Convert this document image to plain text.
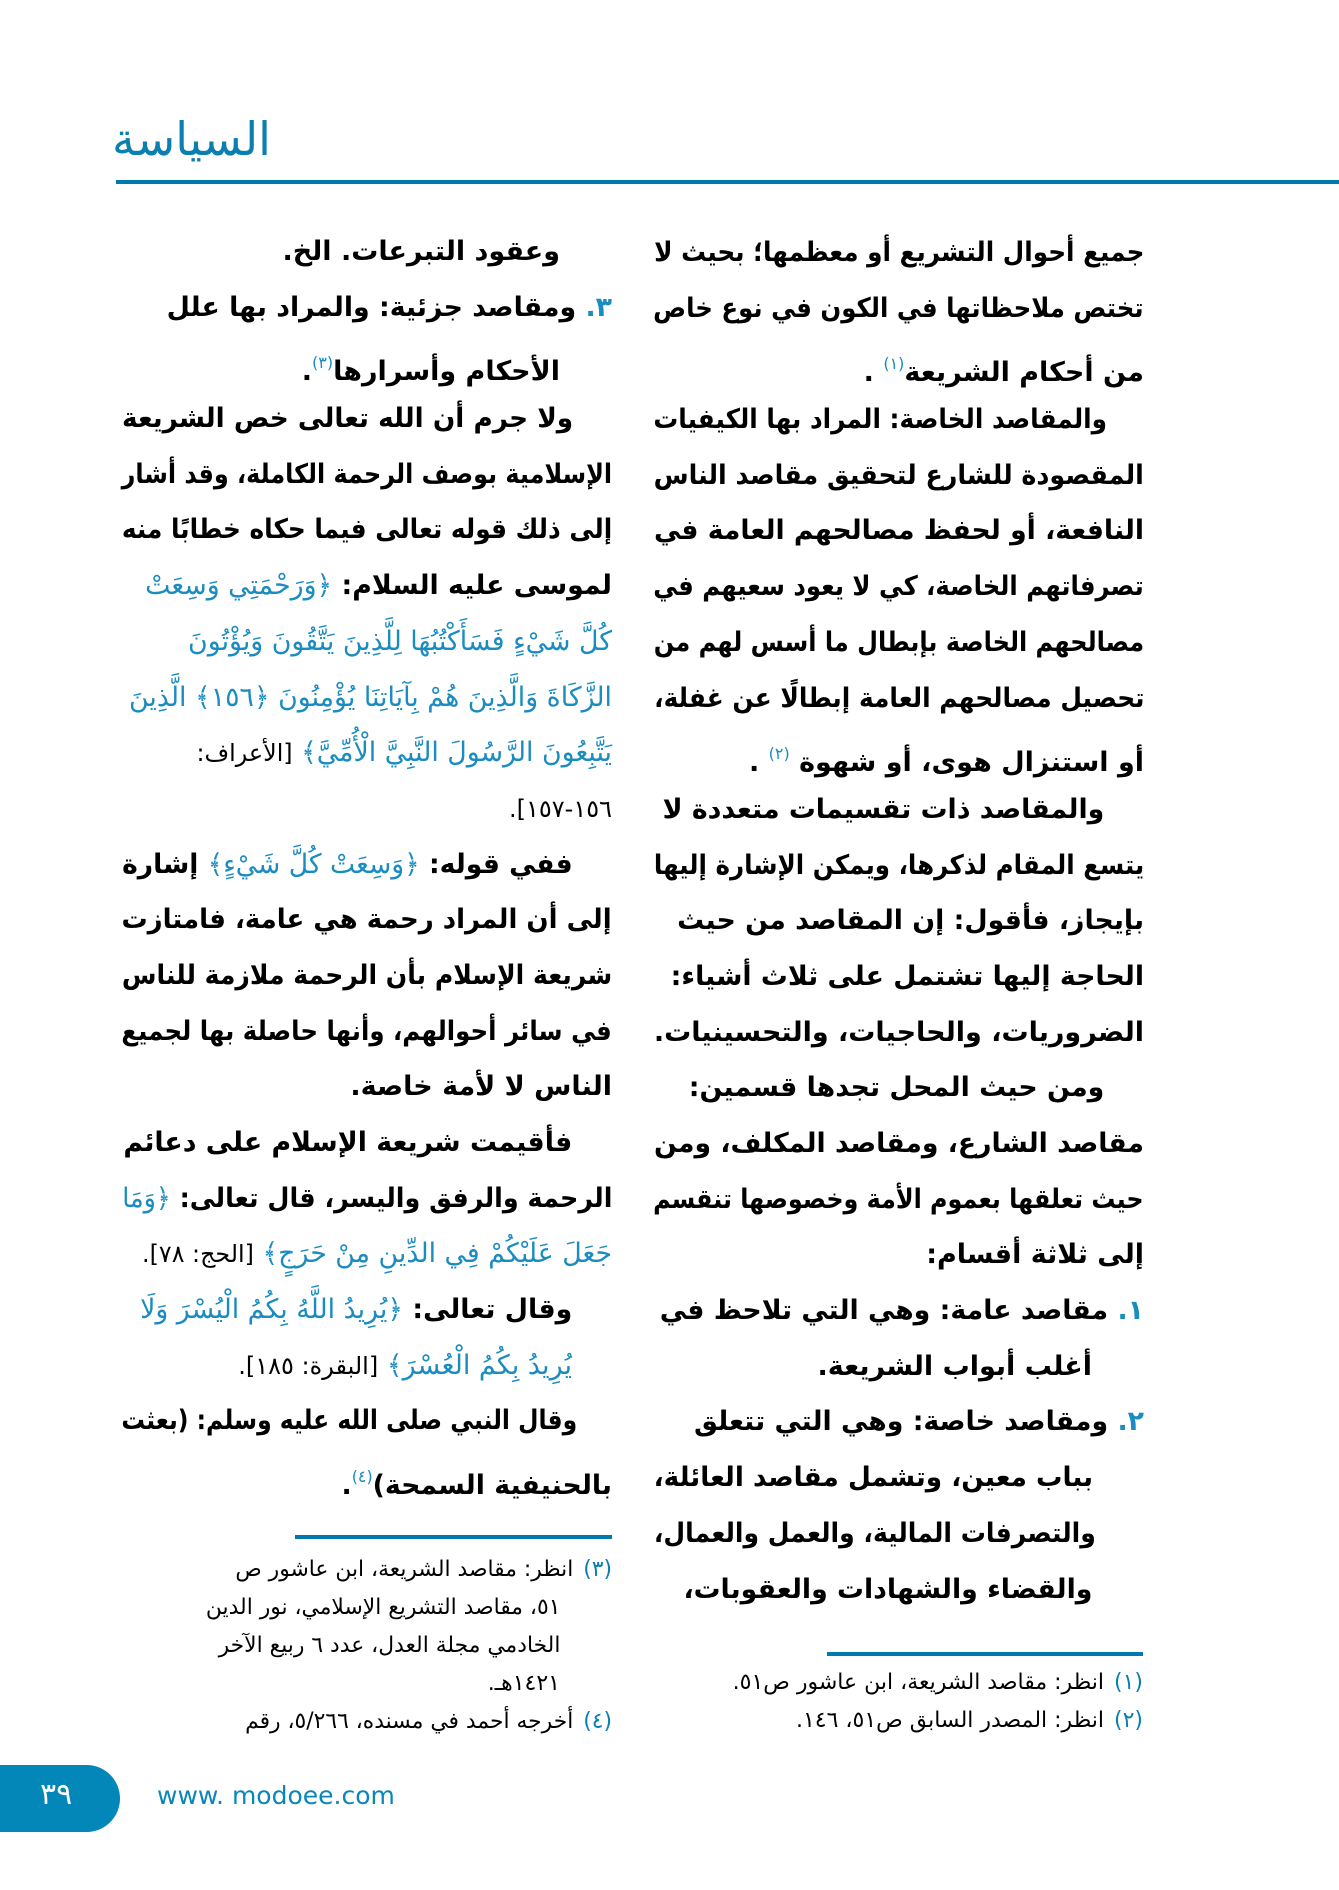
السياسة
جميع أحوال التشريع أو معظمها؛ بحيث لا
تختص ملاحظاتها في الكون في نوع خاص
من أحكام الشريعة$^{(١)}$ .
والمقاصد الخاصة: المراد بها الكيفيات
المقصودة للشارع لتحقيق مقاصد الناس
النافعة، أو لحفظ مصالحهم العامة في
تصرفاتهم الخاصة، كي لا يعود سعيهم في
مصالحهم الخاصة بإبطال ما أسس لهم من
تحصيل مصالحهم العامة إبطالًا عن غفلة،
أو استنزال هوى، أو شهوة $^{(٢)}$ .
والمقاصد ذات تقسيمات متعددة لا
يتسع المقام لذكرها، ويمكن الإشارة إليها
بإيجاز، فأقول: إن المقاصد من حيث
الحاجة إليها تشتمل على ثلاث أشياء:
الضروريات، والحاجيات، والتحسينيات.
ومن حيث المحل تجدها قسمين:
مقاصد الشارع، ومقاصد المكلف، ومن
حيث تعلقها بعموم الأمة وخصوصها تنقسم
إلى ثلاثة أقسام:
١. مقاصد عامة: وهي التي تلاحظ في
أغلب أبواب الشريعة.
٢. ومقاصد خاصة: وهي التي تتعلق
بباب معين، وتشمل مقاصد العائلة،
والتصرفات المالية، والعمل والعمال،
والقضاء والشهادات والعقوبات،
وعقود التبرعات. الخ.
٣. ومقاصد جزئية: والمراد بها علل
الأحكام وأسرارها$^{(٣)}$.
ولا جرم أن الله تعالى خص الشريعة
الإسلامية بوصف الرحمة الكاملة، وقد أشار
إلى ذلك قوله تعالى فيما حكاه خطابًا منه
لموسى عليه السلام: ﴿وَرَحْمَتِي وَسِعَتْ
كُلَّ شَيْءٍ فَسَأَكْتُبُهَا لِلَّذِينَ يَتَّقُونَ وَيُؤْتُونَ
الزَّكَاةَ وَالَّذِينَ هُمْ بِآيَاتِنَا يُؤْمِنُونَ ﴿١٥٦﴾ الَّذِينَ
يَتَّبِعُونَ الرَّسُولَ النَّبِيَّ الْأُمِّيَّ﴾ [الأعراف:
١٥٦-١٥٧].
ففي قوله: ﴿وَسِعَتْ كُلَّ شَيْءٍ﴾ إشارة
إلى أن المراد رحمة هي عامة، فامتازت
شريعة الإسلام بأن الرحمة ملازمة للناس
في سائر أحوالهم، وأنها حاصلة بها لجميع
الناس لا لأمة خاصة.
فأقيمت شريعة الإسلام على دعائم
الرحمة والرفق واليسر، قال تعالى: ﴿وَمَا
جَعَلَ عَلَيْكُمْ فِي الدِّينِ مِنْ حَرَجٍ﴾ [الحج: ٧٨].
وقال تعالى: ﴿يُرِيدُ اللَّهُ بِكُمُ الْيُسْرَ وَلَا
يُرِيدُ بِكُمُ الْعُسْرَ﴾ [البقرة: ١٨٥].
وقال النبي صلى الله عليه وسلم: (بعثت
بالحنيفية السمحة)$^{(٤)}$.
(١)انظر: مقاصد الشريعة، ابن عاشور ص٥١.
(٢)انظر: المصدر السابق ص٥١، ١٤٦.
(٣)انظر: مقاصد الشريعة، ابن عاشور ص
٥١، مقاصد التشريع الإسلامي، نور الدين
الخادمي مجلة العدل، عدد ٦ ربيع الآخر
١٤٢١هـ.
(٤)أخرجه أحمد في مسنده، ٥/٢٦٦، رقم
٣٩	www. modoee.com
